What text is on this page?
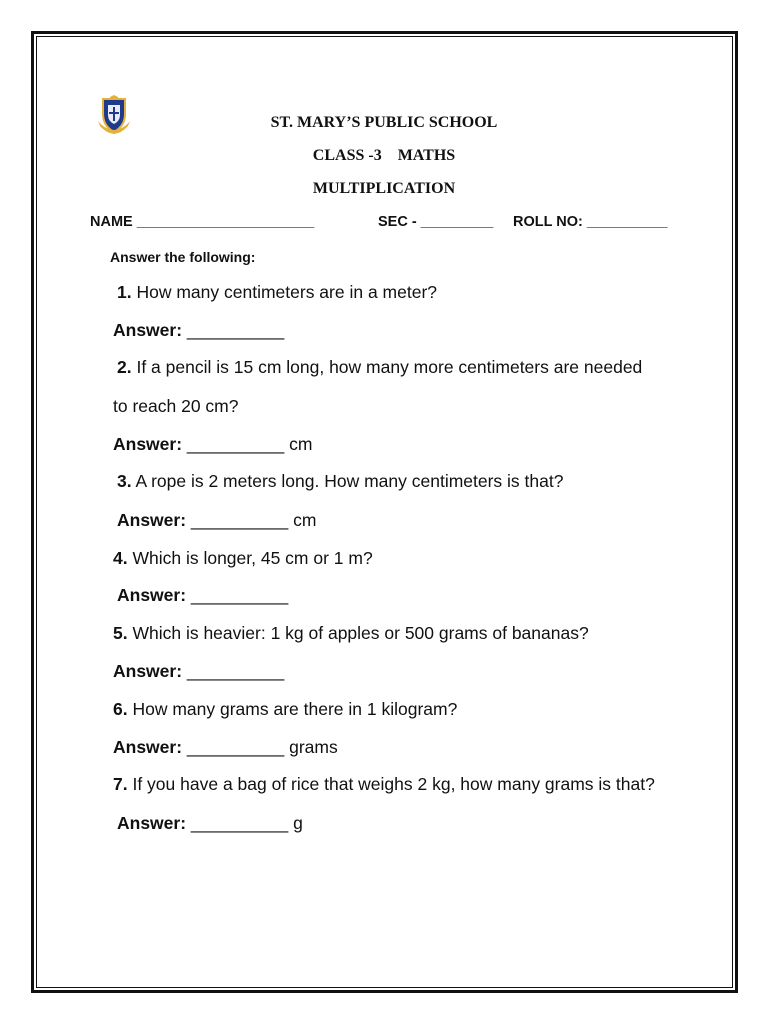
ST. MARY’S PUBLIC SCHOOL
CLASS -3    MATHS
MULTIPLICATION
NAME ______________________	SEC - _________ ROLL NO: __________
Answer the following:
1. How many centimeters are in a meter?
Answer: __________
2. If a pencil is 15 cm long, how many more centimeters are needed
to reach 20 cm?
Answer: __________ cm
3. A rope is 2 meters long. How many centimeters is that?
Answer: __________ cm
4. Which is longer, 45 cm or 1 m?
Answer: __________
5. Which is heavier: 1 kg of apples or 500 grams of bananas?
Answer: __________
6. How many grams are there in 1 kilogram?
Answer: __________ grams
7. If you have a bag of rice that weighs 2 kg, how many grams is that?
Answer: __________ g
